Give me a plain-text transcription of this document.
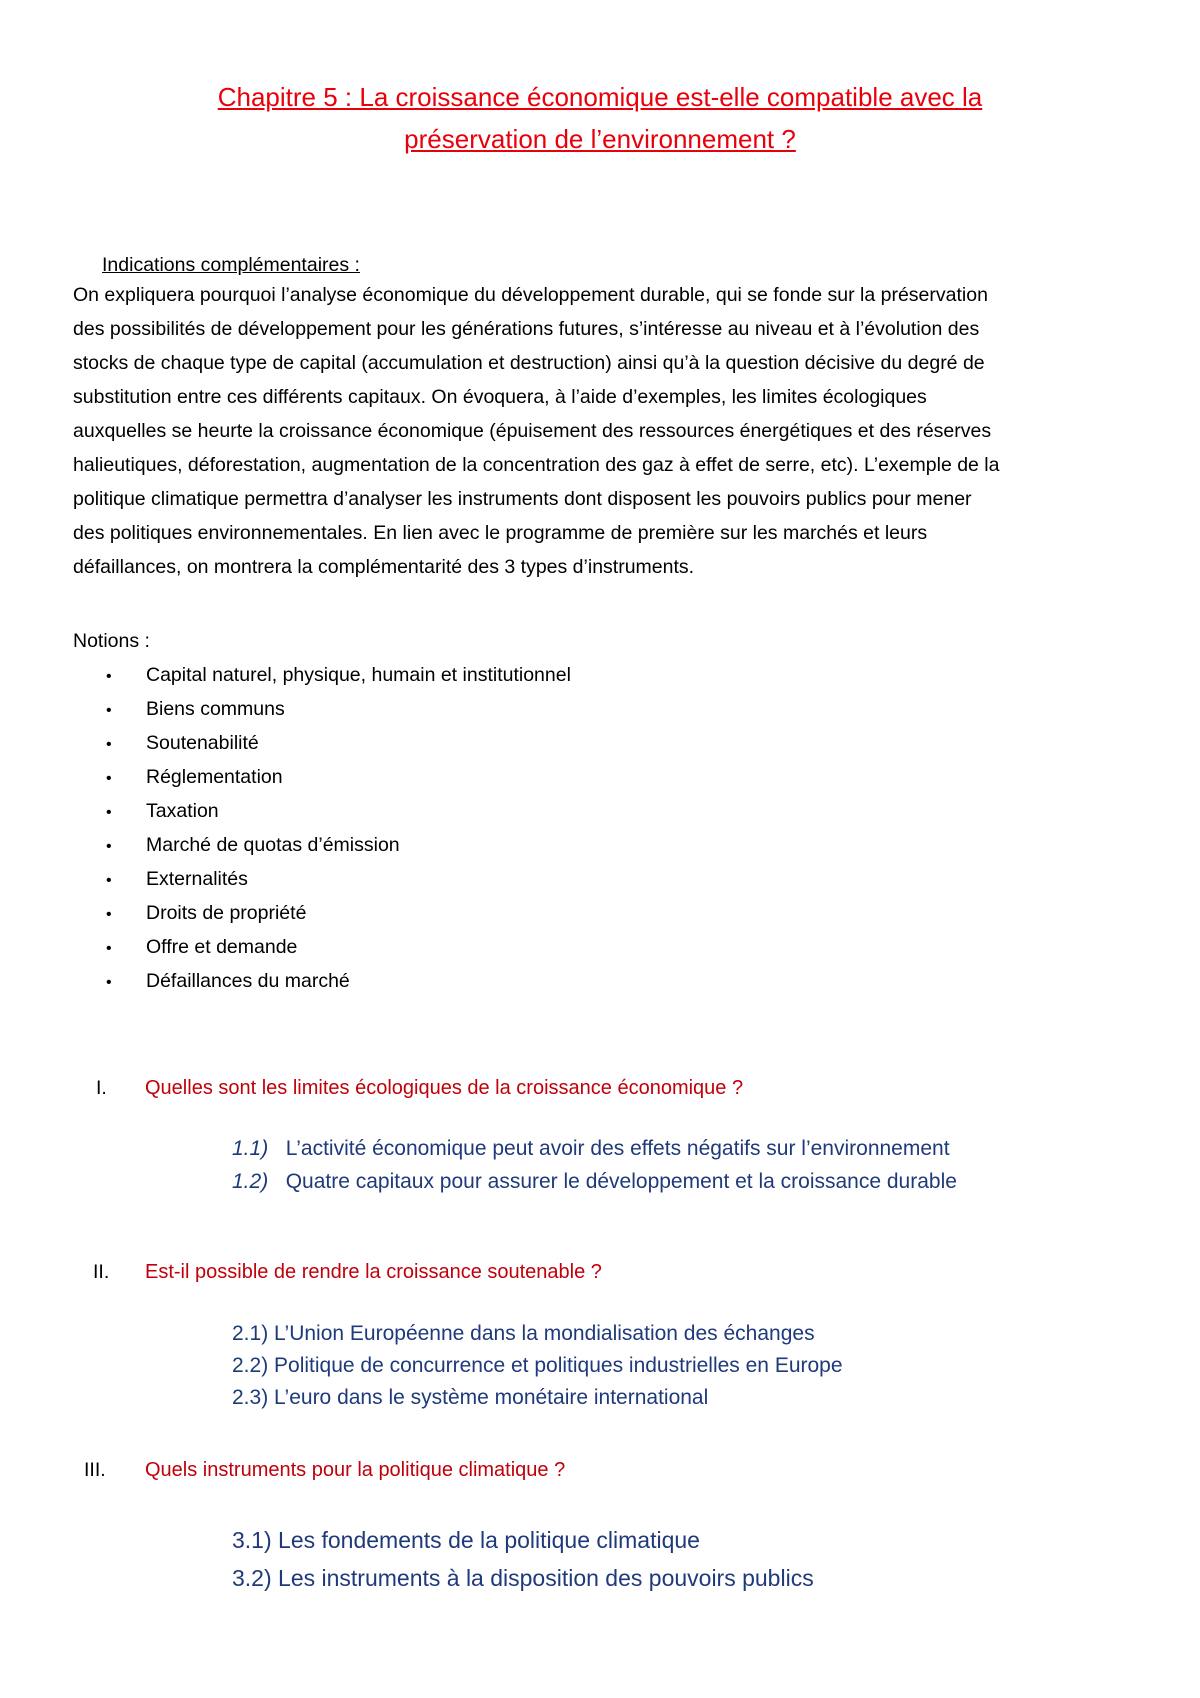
Chapitre 5 : La croissance économique est-elle compatible avec la
préservation de l’environnement ?
Indications complémentaires :
On expliquera pourquoi l’analyse économique du développement durable, qui se fonde sur la préservation
des possibilités de développement pour les générations futures, s’intéresse au niveau et à l’évolution des
stocks de chaque type de capital (accumulation et destruction) ainsi qu’à la question décisive du degré de
substitution entre ces différents capitaux. On évoquera, à l’aide d’exemples, les limites écologiques
auxquelles se heurte la croissance économique (épuisement des ressources énergétiques et des réserves
halieutiques, déforestation, augmentation de la concentration des gaz à effet de serre, etc). L’exemple de la
politique climatique permettra d’analyser les instruments dont disposent les pouvoirs publics pour mener
des politiques environnementales. En lien avec le programme de première sur les marchés et leurs
défaillances, on montrera la complémentarité des 3 types d’instruments.
Notions :
• Capital naturel, physique, humain et institutionnel
• Biens communs
• Soutenabilité
• Réglementation
• Taxation
• Marché de quotas d’émission
• Externalités
• Droits de propriété
• Offre et demande
• Défaillances du marché
I. Quelles sont les limites écologiques de la croissance économique ?
1.1) L’activité économique peut avoir des effets négatifs sur l’environnement
1.2) Quatre capitaux pour assurer le développement et la croissance durable
II. Est-il possible de rendre la croissance soutenable ?
2.1) L’Union Européenne dans la mondialisation des échanges
2.2) Politique de concurrence et politiques industrielles en Europe
2.3) L’euro dans le système monétaire international
III. Quels instruments pour la politique climatique ?
3.1) Les fondements de la politique climatique
3.2) Les instruments à la disposition des pouvoirs publics
